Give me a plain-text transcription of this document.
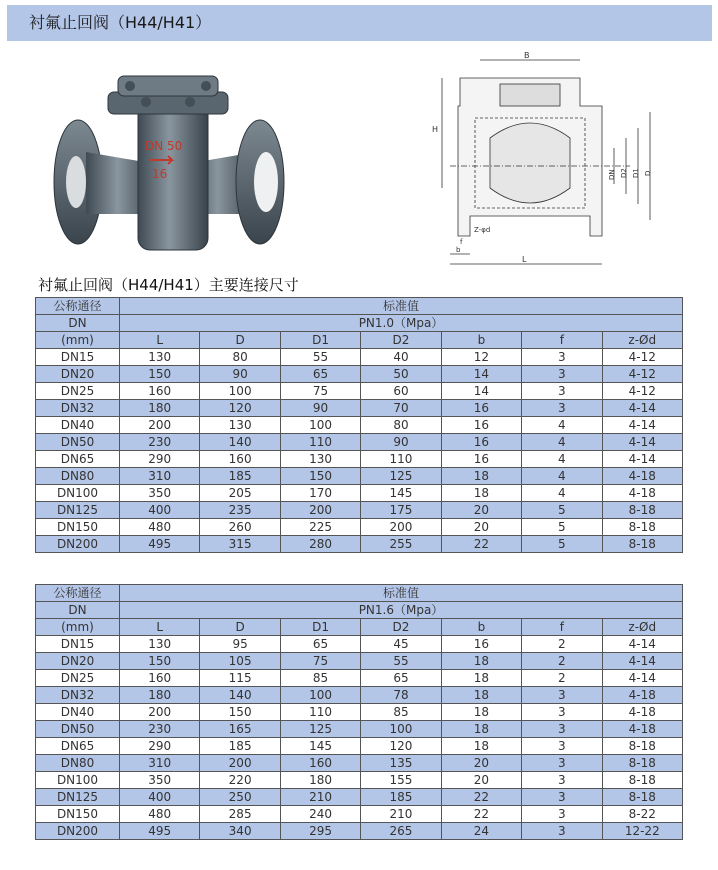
衬氟止回阀（H44/H41）
DN 50
16
B
H
DN D2 D1 D
f
Z-φd
b
L
衬氟止回阀（H44/H41）主要连接尺寸
公称通径	标准值						
DN	PN1.0（Mpa）						
(mm)	L	D	D1	D2	b	f	z-Ød
DN15	130	80	55	40	12	3	4-12
DN20	150	90	65	50	14	3	4-12
DN25	160	100	75	60	14	3	4-12
DN32	180	120	90	70	16	3	4-14
DN40	200	130	100	80	16	4	4-14
DN50	230	140	110	90	16	4	4-14
DN65	290	160	130	110	16	4	4-14
DN80	310	185	150	125	18	4	4-18
DN100	350	205	170	145	18	4	4-18
DN125	400	235	200	175	20	5	8-18
DN150	480	260	225	200	20	5	8-18
DN200	495	315	280	255	22	5	8-18
公称通径	标准值						
DN	PN1.6（Mpa）						
(mm)	L	D	D1	D2	b	f	z-Ød
DN15	130	95	65	45	16	2	4-14
DN20	150	105	75	55	18	2	4-14
DN25	160	115	85	65	18	2	4-14
DN32	180	140	100	78	18	3	4-18
DN40	200	150	110	85	18	3	4-18
DN50	230	165	125	100	18	3	4-18
DN65	290	185	145	120	18	3	8-18
DN80	310	200	160	135	20	3	8-18
DN100	350	220	180	155	20	3	8-18
DN125	400	250	210	185	22	3	8-18
DN150	480	285	240	210	22	3	8-22
DN200	495	340	295	265	24	3	12-22
